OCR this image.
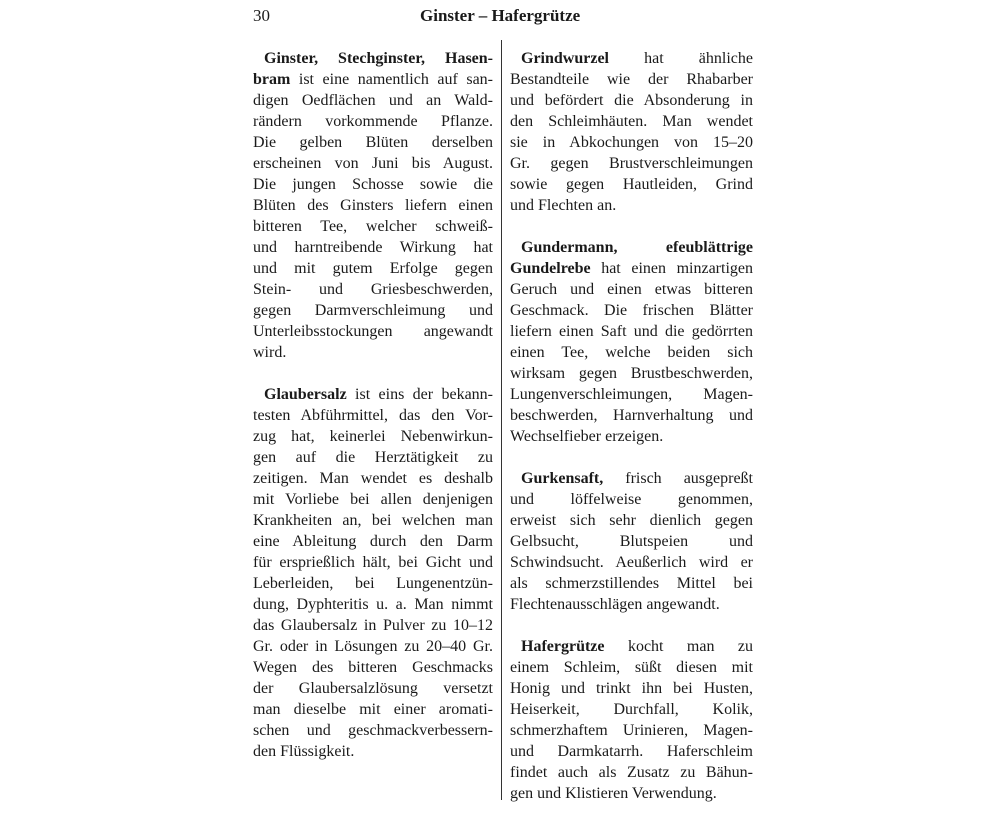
30	Ginster – Hafergrütze
Ginster, Stechginster, Hasen-
bram ist eine namentlich auf san-
digen Oedflächen und an Wald-
rändern vorkommende Pflanze.
Die gelben Blüten derselben
erscheinen von Juni bis August.
Die jungen Schosse sowie die
Blüten des Ginsters liefern einen
bitteren Tee, welcher schweiß-
und harntreibende Wirkung hat
und mit gutem Erfolge gegen
Stein- und Griesbeschwerden,
gegen Darmverschleimung und
Unterleibsstockungen angewandt
wird.
Glaubersalz ist eins der bekann-
testen Abführmittel, das den Vor-
zug hat, keinerlei Nebenwirkun-
gen auf die Herztätigkeit zu
zeitigen. Man wendet es deshalb
mit Vorliebe bei allen denjenigen
Krankheiten an, bei welchen man
eine Ableitung durch den Darm
für ersprießlich hält, bei Gicht und
Leberleiden, bei Lungenentzün-
dung, Dyphteritis u. a. Man nimmt
das Glaubersalz in Pulver zu 10–12
Gr. oder in Lösungen zu 20–40 Gr.
Wegen des bitteren Geschmacks
der Glaubersalzlösung versetzt
man dieselbe mit einer aromati-
schen und geschmackverbessern-
den Flüssigkeit.
Grindwurzel hat ähnliche
Bestandteile wie der Rhabarber
und befördert die Absonderung in
den Schleimhäuten. Man wendet
sie in Abkochungen von 15–20
Gr. gegen Brustverschleimungen
sowie gegen Hautleiden, Grind
und Flechten an.
Gundermann, efeublättrige
Gundelrebe hat einen minzartigen
Geruch und einen etwas bitteren
Geschmack. Die frischen Blätter
liefern einen Saft und die gedörrten
einen Tee, welche beiden sich
wirksam gegen Brustbeschwerden,
Lungenverschleimungen, Magen-
beschwerden, Harnverhaltung und
Wechselfieber erzeigen.
Gurkensaft, frisch ausgepreßt
und löffelweise genommen,
erweist sich sehr dienlich gegen
Gelbsucht, Blutspeien und
Schwindsucht. Aeußerlich wird er
als schmerzstillendes Mittel bei
Flechtenausschlägen angewandt.
Hafergrütze kocht man zu
einem Schleim, süßt diesen mit
Honig und trinkt ihn bei Husten,
Heiserkeit, Durchfall, Kolik,
schmerzhaftem Urinieren, Magen-
und Darmkatarrh. Haferschleim
findet auch als Zusatz zu Bähun-
gen und Klistieren Verwendung.
